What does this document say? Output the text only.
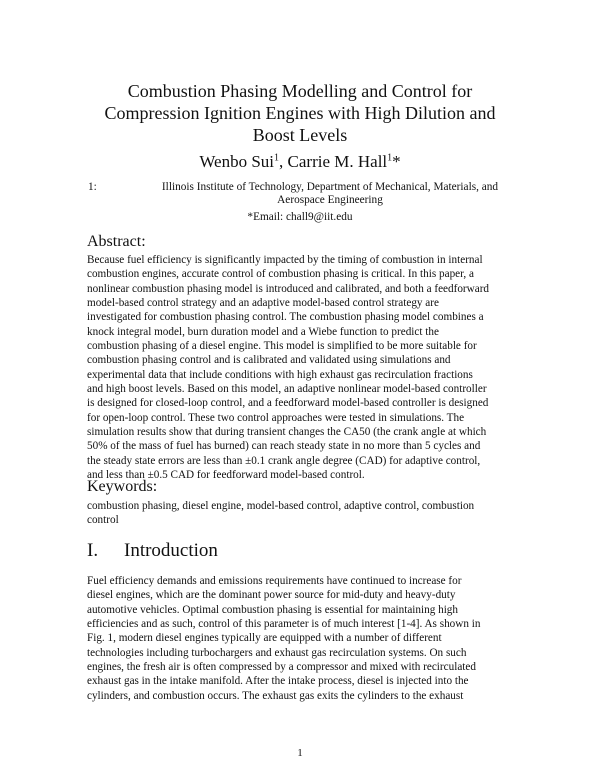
Combustion Phasing Modelling and Control for
Compression Ignition Engines with High Dilution and
Boost Levels
Wenbo Sui$^1$, Carrie M. Hall$^1$*
1:	Illinois Institute of Technology, Department of Mechanical, Materials, and
Aerospace Engineering
*Email: chall9@iit.edu
Abstract:
Because fuel efficiency is significantly impacted by the timing of combustion in internal
combustion engines, accurate control of combustion phasing is critical. In this paper, a
nonlinear combustion phasing model is introduced and calibrated, and both a feedforward
model-based control strategy and an adaptive model-based control strategy are
investigated for combustion phasing control. The combustion phasing model combines a
knock integral model, burn duration model and a Wiebe function to predict the
combustion phasing of a diesel engine. This model is simplified to be more suitable for
combustion phasing control and is calibrated and validated using simulations and
experimental data that include conditions with high exhaust gas recirculation fractions
and high boost levels. Based on this model, an adaptive nonlinear model-based controller
is designed for closed-loop control, and a feedforward model-based controller is designed
for open-loop control. These two control approaches were tested in simulations. The
simulation results show that during transient changes the CA50 (the crank angle at which
50% of the mass of fuel has burned) can reach steady state in no more than 5 cycles and
the steady state errors are less than ±0.1 crank angle degree (CAD) for adaptive control,
and less than ±0.5 CAD for feedforward model-based control.
Keywords:
combustion phasing, diesel engine, model-based control, adaptive control, combustion
control
I. Introduction
Fuel efficiency demands and emissions requirements have continued to increase for
diesel engines, which are the dominant power source for mid-duty and heavy-duty
automotive vehicles. Optimal combustion phasing is essential for maintaining high
efficiencies and as such, control of this parameter is of much interest [1-4]. As shown in
Fig. 1, modern diesel engines typically are equipped with a number of different
technologies including turbochargers and exhaust gas recirculation systems. On such
engines, the fresh air is often compressed by a compressor and mixed with recirculated
exhaust gas in the intake manifold. After the intake process, diesel is injected into the
cylinders, and combustion occurs. The exhaust gas exits the cylinders to the exhaust
1
